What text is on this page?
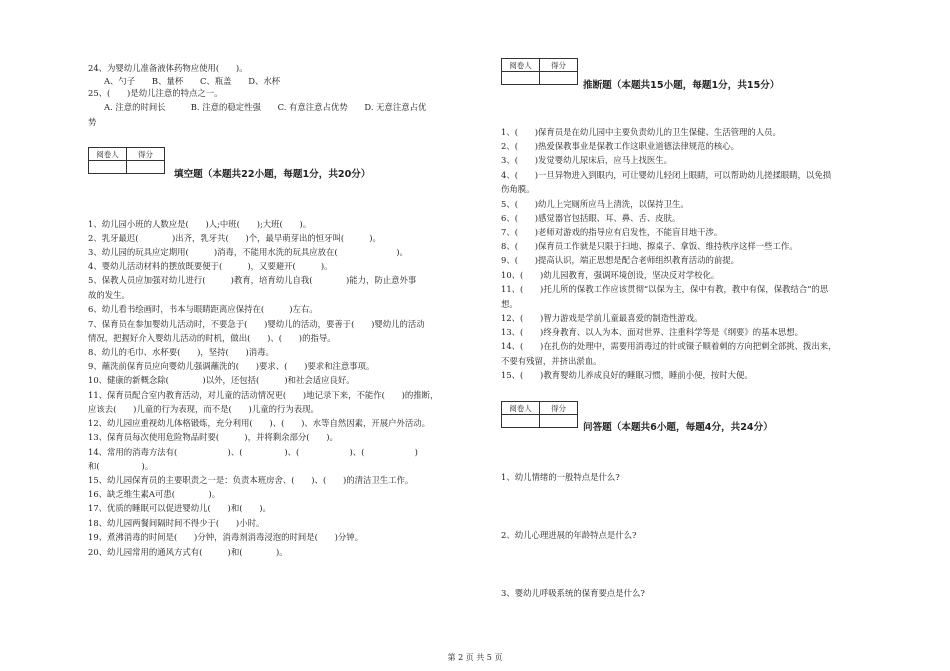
24、为婴幼儿准备液体药物应使用(　　)。
A、勺子　　B、量杯　　C、瓶盖　　D、水杯
25、(　　)是幼儿注意的特点之一。
A. 注意的时间长　　　B. 注意的稳定性强　　C. 有意注意占优势　　D. 无意注意占优
势
阅卷人	得分

填空题（本题共22小题，每题1分，共20分）
1、幼儿园小班的人数应是(　　)人;中班(　　);大班(　　)。
2、乳牙最迟(　　　　)出齐，乳牙共(　　)个，最早萌芽出的恒牙叫(　　　)。
3、幼儿园的玩具应定期用(　　　)消毒，不能用水洗的玩具应放在(　　　　　　　)。
4、婴幼儿活动材料的摆放既要便于(　　　)，又要避开(　　　)。
5、保教人员应加强对幼儿进行(　　　)教育，培育幼儿自我(　　　　)能力，防止意外事
故的发生。
6、幼儿看书绘画时，书本与眼睛距离应保持在(　　　)左右。
7、保育员在参加婴幼儿活动时，不要急于(　　)婴幼儿的活动，要善于(　　)婴幼儿的活动
情况，把握好介入婴幼儿活动的时机，做出(　　)、(　　)的指导。
8、幼儿的毛巾、水杯要(　　)，坚持(　　)消毒。
9、蘸洗前保育员应向婴幼儿强调蘸洗的(　　)要求、(　　)要求和注意事项。
10、健康的新概念除(　　　　)以外，还包括(　　　)和社会适应良好。
11、保育员配合室内教育活动，对儿童的活动情况更(　　)地记录下来，不能作(　　)的推断，
应该去(　　)儿童的行为表现，而不是(　　)儿童的行为表现。
12、幼儿园应重视幼儿体格锻炼，充分利用(　　)、(　　)、水等自然因素，开展户外活动。
13、保育员每次使用危险物品时要(　　　)，并将剩余部分(　　)。
14、常用的消毒方法有(　　　　　　)、(　　　　　)、(　　　　　　)、(　　　　　　)
和(　　　　　)。
15、幼儿园保育员的主要职责之一是：负责本班房舍、(　　)、(　　)的清洁卫生工作。
16、缺乏维生素A可患(　　　　)。
17、优质的睡眠可以促进婴幼儿(　　)和(　　)。
18、幼儿园两餐间隔时间不得少于(　　)小时。
19、煮沸消毒的时间是(　　)分钟，消毒剂消毒浸泡的时间是(　　)分钟。
20、幼儿园常用的通风方式有(　　　)和(　　　　)。
阅卷人	得分

推断题（本题共15小题，每题1分，共15分）
1、(　　)保育员是在幼儿园中主要负责幼儿的卫生保健、生活管理的人员。
2、(　　)热爱保教事业是保教工作这职业道德法律规范的核心。
3、(　　)发觉婴幼儿尿床后，应马上找医生。
4、(　　)一旦异物进入到眼内，可让婴幼儿轻闭上眼睛，可以帮助幼儿搓揉眼睛，以免损
伤角膜。
5、(　　)幼儿上完厕所应马上清洗，以保持卫生。
6、(　　)感觉器官包括眼、耳、鼻、舌、皮肤。
7、(　　)老师对游戏的指导应有启发性，不能盲目地干涉。
8、(　　)保育员工作就是只限于扫地、擦桌子、拿饭、维持秩序这样一些工作。
9、(　　)提高认识，端正思想是配合老师组织教育活动的前提。
10、(　　)幼儿园教育，强调环境创设，坚决反对学校化。
11、(　　)托儿所的保教工作应该贯彻“以保为主，保中有教，教中有保，保教结合”的思
想。
12、(　　)智力游戏是学前儿童最喜爱的制造性游戏。
13、(　　)终身教育、以人为本、面对世界、注重科学等是《纲要》的基本思想。
14、(　　)在扎伤的处理中，需要用消毒过的针或镊子顺着刺的方向把刺全部挑、拨出来，
不要有残留，并挤出淤血。
15、(　　)教育婴幼儿养成良好的睡眠习惯，睡前小便，按时大便。
阅卷人	得分

问答题（本题共6小题，每题4分，共24分）
1、幼儿情绪的一般特点是什么?
2、幼儿心理进展的年龄特点是什么?
3、婴幼儿呼吸系统的保育要点是什么?
第 2 页 共 5 页
